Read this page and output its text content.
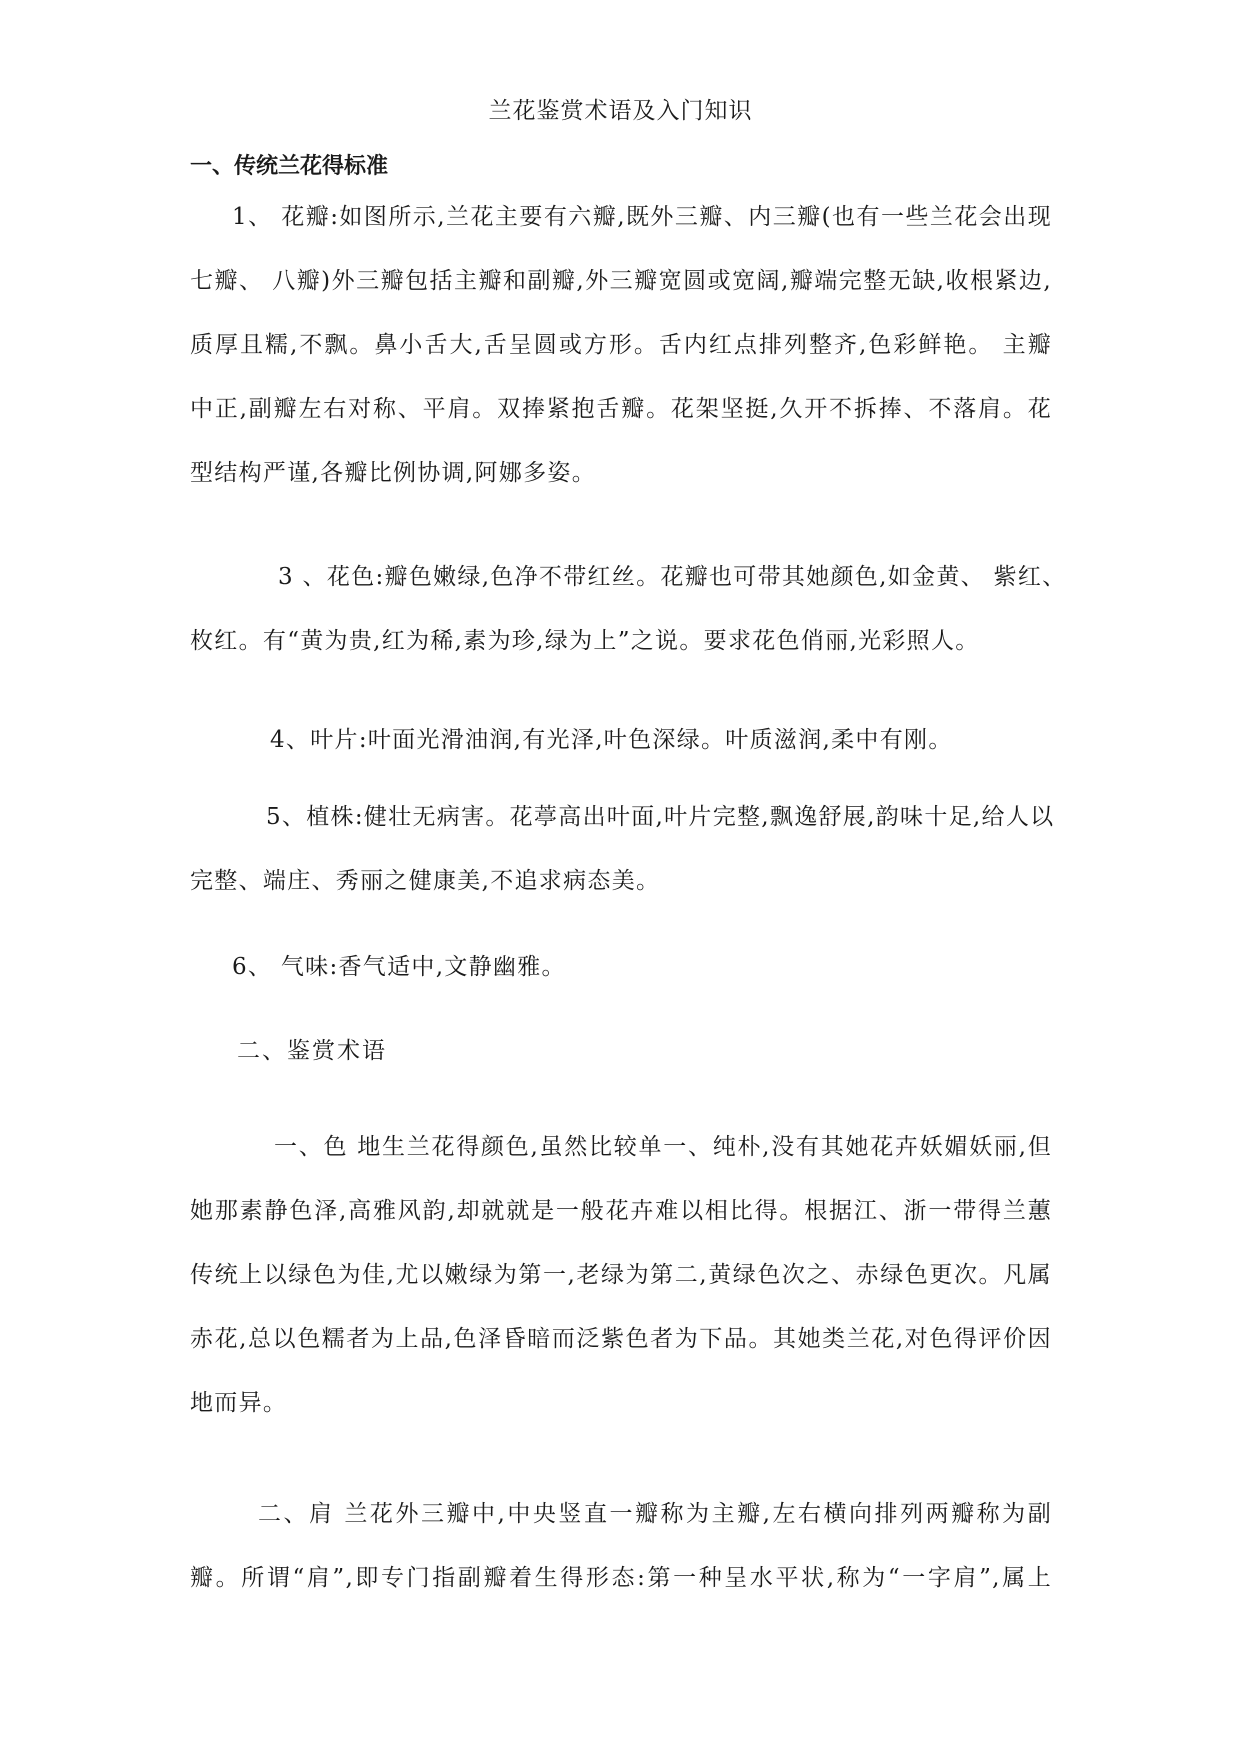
兰花鉴赏术语及入门知识
一、传统兰花得标准
1、 花瓣:如图所示,兰花主要有六瓣,既外三瓣、内三瓣(也有一些兰花会出现
七瓣、 八瓣)外三瓣包括主瓣和副瓣,外三瓣宽圆或宽阔,瓣端完整无缺,收根紧边,
质厚且糯,不飘。鼻小舌大,舌呈圆或方形。舌内红点排列整齐,色彩鲜艳。 主瓣
中正,副瓣左右对称、平肩。双捧紧抱舌瓣。花架坚挺,久开不拆捧、不落肩。花
型结构严谨,各瓣比例协调,阿娜多姿。
3 、花色:瓣色嫩绿,色净不带红丝。花瓣也可带其她颜色,如金黄、 紫红、
枚红。有“黄为贵,红为稀,素为珍,绿为上”之说。要求花色俏丽,光彩照人。
4、叶片:叶面光滑油润,有光泽,叶色深绿。叶质滋润,柔中有刚。
5、植株:健壮无病害。花葶高出叶面,叶片完整,飘逸舒展,韵味十足,给人以
完整、端庄、秀丽之健康美,不追求病态美。
6、 气味:香气适中,文静幽雅。
二、鉴赏术语
一、色 地生兰花得颜色,虽然比较单一、纯朴,没有其她花卉妖媚妖丽,但
她那素静色泽,高雅风韵,却就就是一般花卉难以相比得。根据江、浙一带得兰蕙
传统上以绿色为佳,尤以嫩绿为第一,老绿为第二,黄绿色次之、赤绿色更次。凡属
赤花,总以色糯者为上品,色泽昏暗而泛紫色者为下品。其她类兰花,对色得评价因
地而异。
二、肩 兰花外三瓣中,中央竖直一瓣称为主瓣,左右横向排列两瓣称为副
瓣。所谓“肩”,即专门指副瓣着生得形态:第一种呈水平状,称为“一字肩”,属上
